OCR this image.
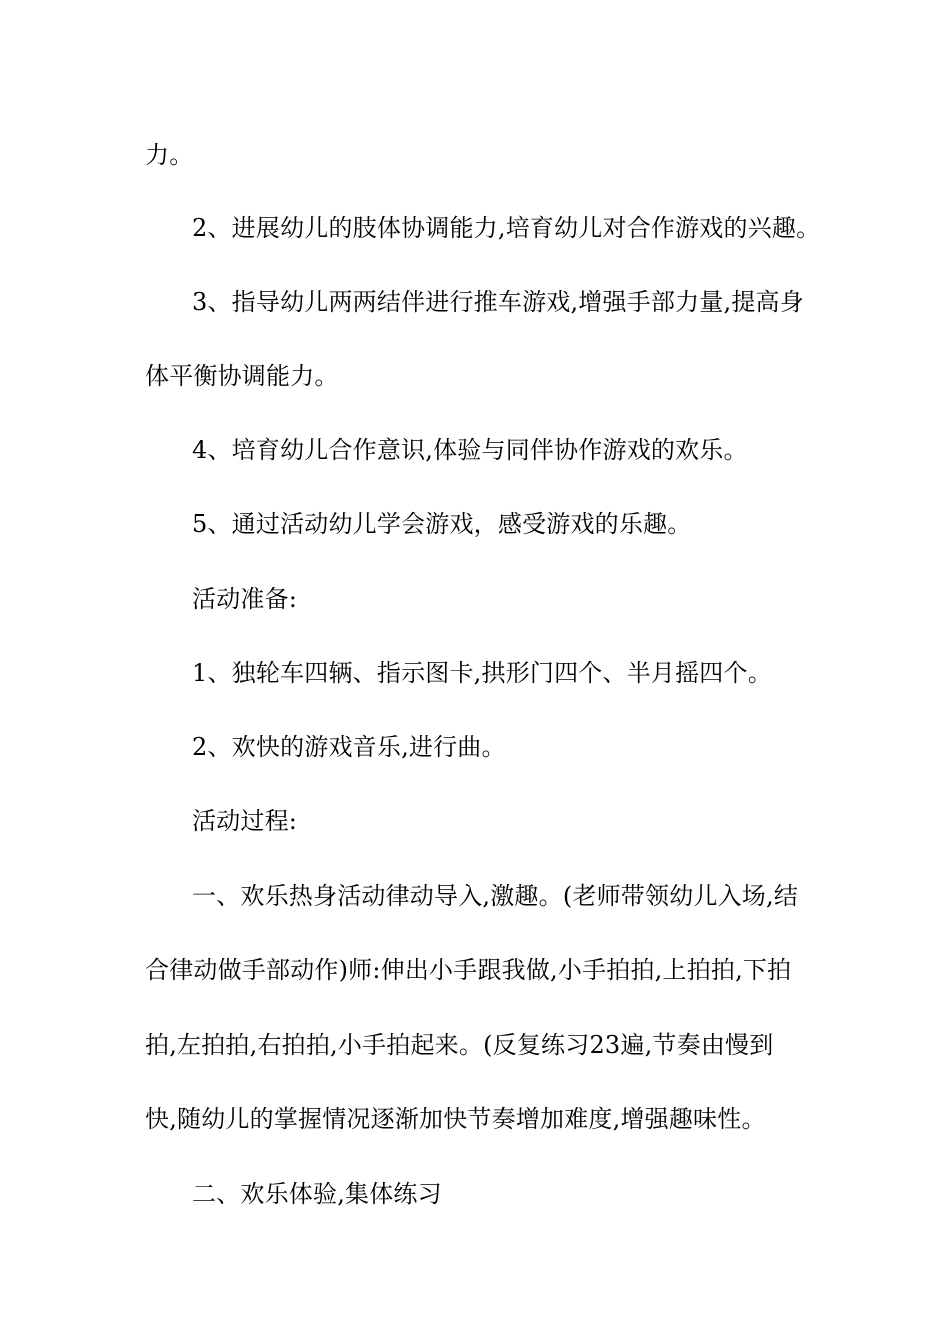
力。
2、进展幼儿的肢体协调能力,培育幼儿对合作游戏的兴趣。
3、指导幼儿两两结伴进行推车游戏,增强手部力量,提高身
体平衡协调能力。
4、培育幼儿合作意识,体验与同伴协作游戏的欢乐。
5、通过活动幼儿学会游戏，感受游戏的乐趣。
活动准备:
1、独轮车四辆、指示图卡,拱形门四个、半月摇四个。
2、欢快的游戏音乐,进行曲。
活动过程:
一、欢乐热身活动律动导入,激趣。(老师带领幼儿入场,结
合律动做手部动作)师:伸出小手跟我做,小手拍拍,上拍拍,下拍
拍,左拍拍,右拍拍,小手拍起来。(反复练习23遍,节奏由慢到
快,随幼儿的掌握情况逐渐加快节奏增加难度,增强趣味性。
二、欢乐体验,集体练习
